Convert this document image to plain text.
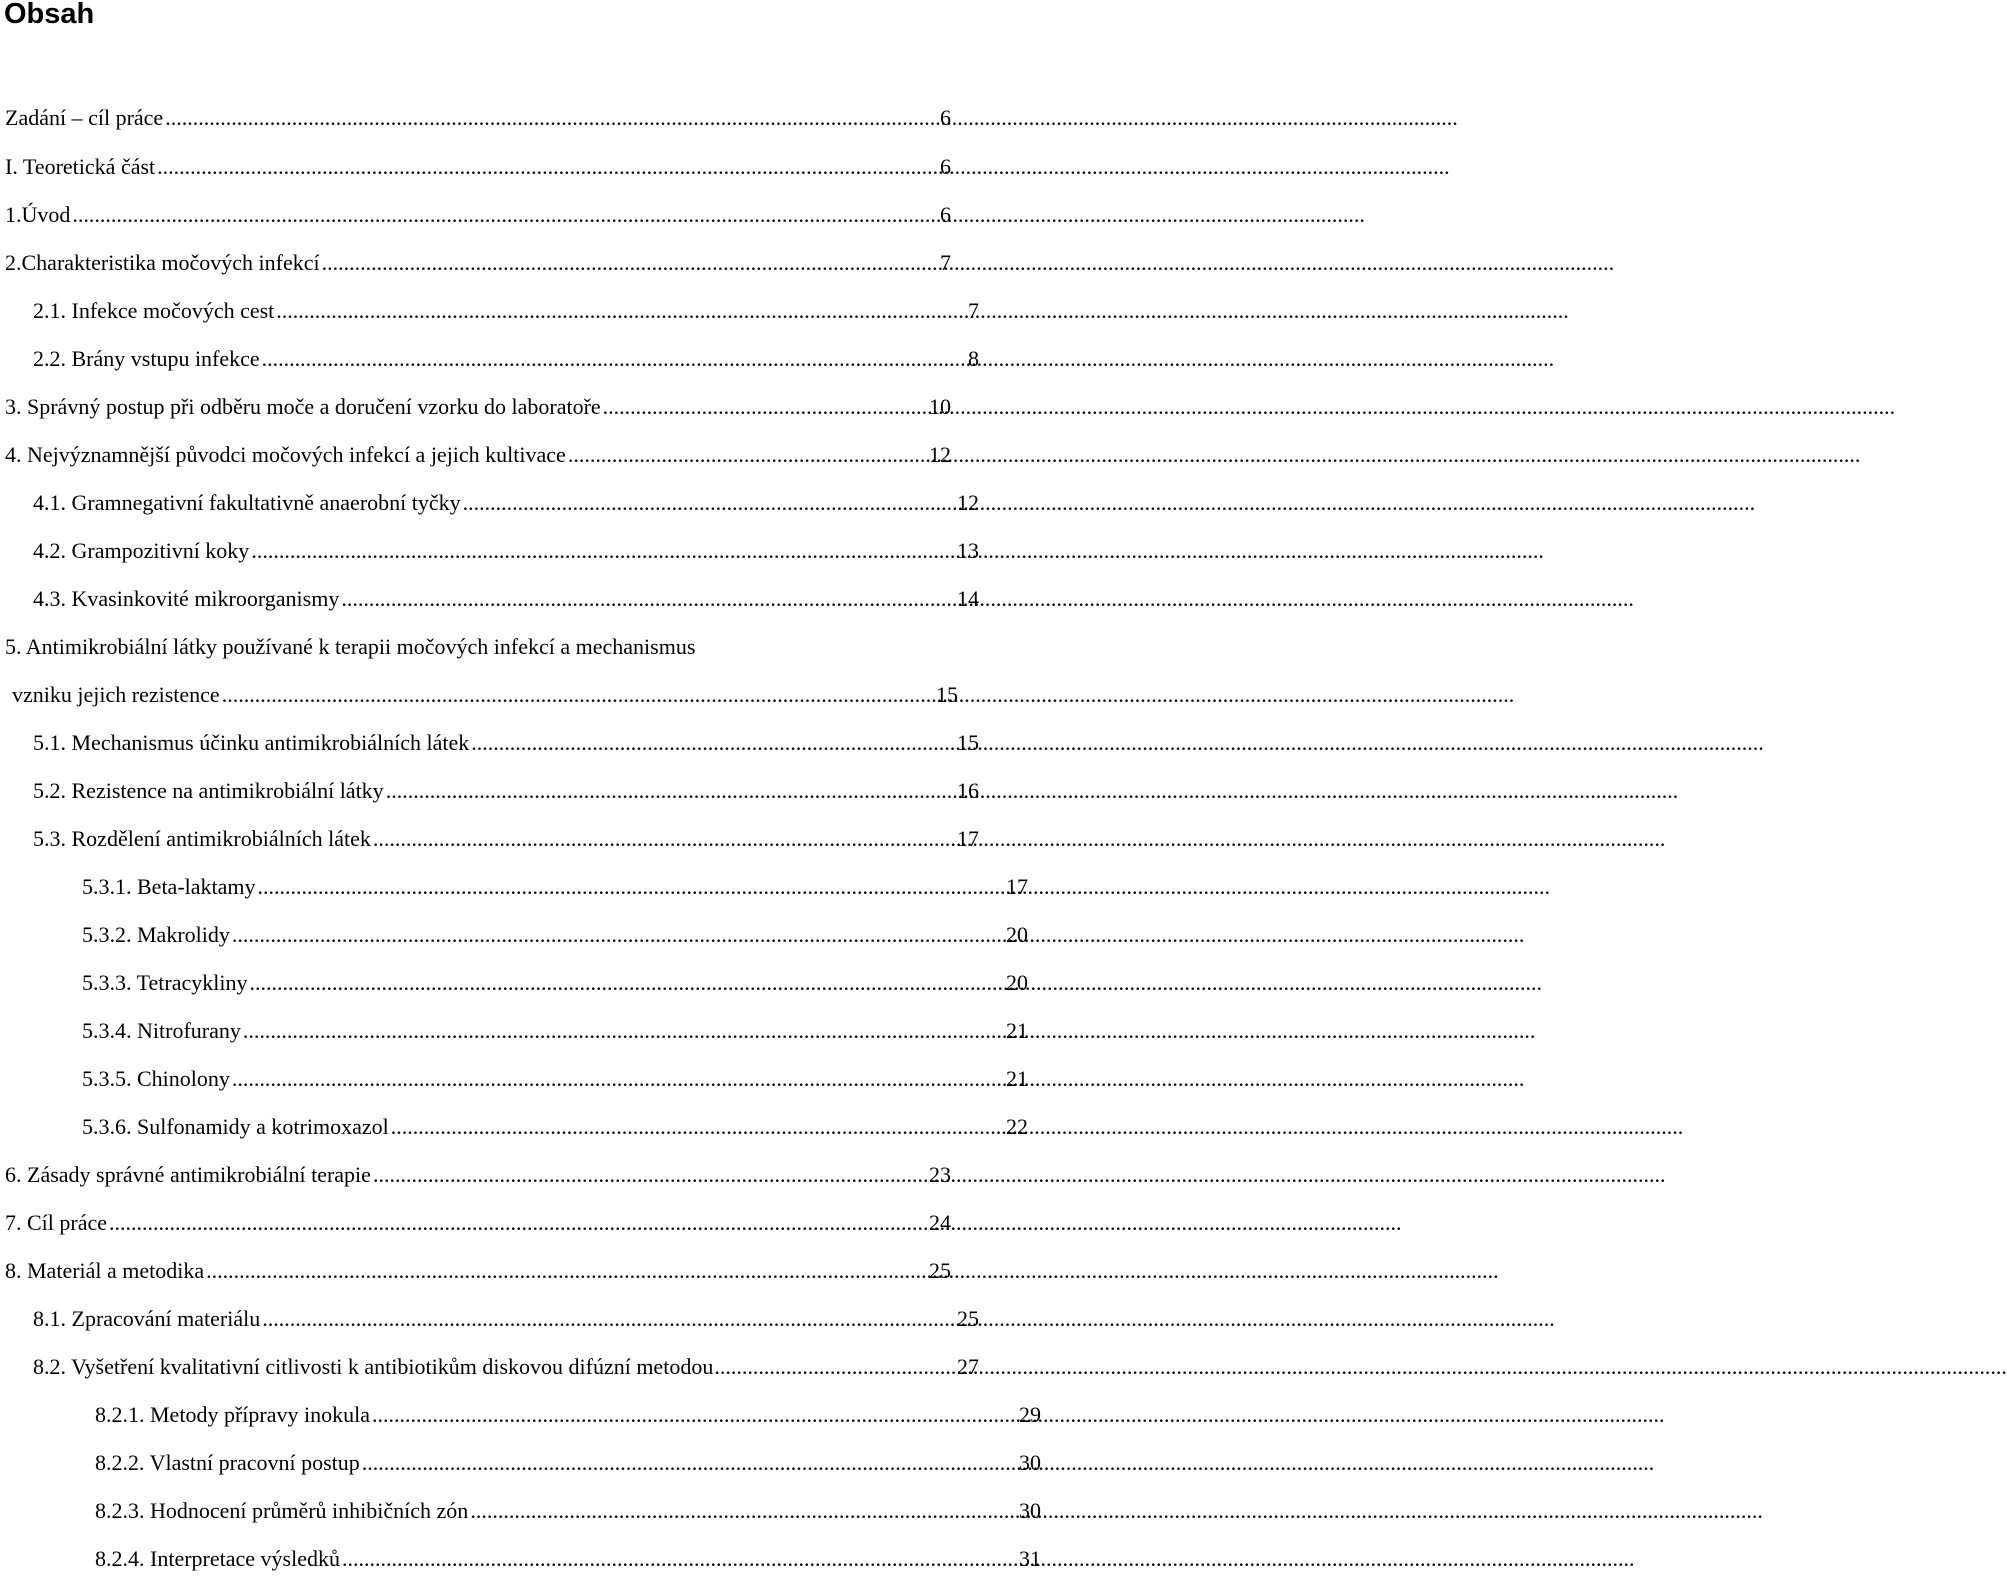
Obsah
Zadání – cíl práce .....	6
I. Teoretická část .....	6
1.Úvod .....	6
2.Charakteristika močových infekcí .....	7
2.1. Infekce močových cest .....	7
2.2. Brány vstupu infekce .....	8
3. Správný postup při odběru moče a doručení vzorku do laboratoře .....	10
4. Nejvýznamnější původci močových infekcí a jejich kultivace .....	12
4.1. Gramnegativní fakultativně anaerobní tyčky .....	12
4.2. Grampozitivní koky .....	13
4.3. Kvasinkovité mikroorganismy .....	14
5. Antimikrobiální látky používané k terapii močových infekcí a mechanismus
vzniku jejich rezistence .....	15
5.1. Mechanismus účinku antimikrobiálních látek .....	15
5.2. Rezistence na antimikrobiální látky .....	16
5.3. Rozdělení antimikrobiálních látek .....	17
5.3.1. Beta-laktamy .....	17
5.3.2. Makrolidy .....	20
5.3.3. Tetracykliny .....	20
5.3.4. Nitrofurany .....	21
5.3.5. Chinolony .....	21
5.3.6. Sulfonamidy a kotrimoxazol .....	22
6. Zásady správné antimikrobiální terapie .....	23
7. Cíl práce .....	24
8. Materiál a metodika .....	25
8.1. Zpracování materiálu .....	25
8.2. Vyšetření kvalitativní citlivosti k antibiotikům diskovou difúzní metodou .....	27
8.2.1. Metody přípravy inokula .....	29
8.2.2. Vlastní pracovní postup .....	30
8.2.3. Hodnocení průměrů inhibičních zón .....	30
8.2.4. Interpretace výsledků .....	31
